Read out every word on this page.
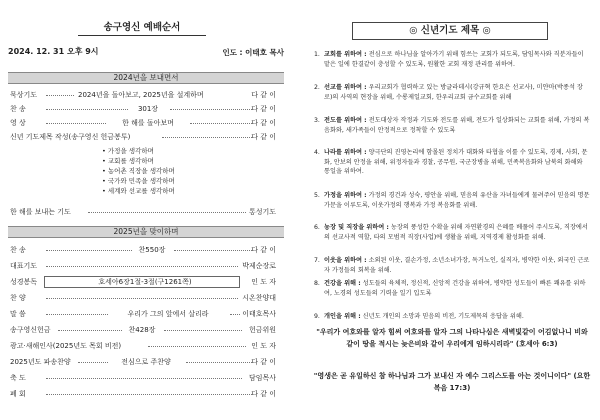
송구영신 예배순서
2024. 12. 31 오후 9시	인도 : 이태호 목사
2024년을 보내면서
묵상기도	2024년을 돌아보고, 2025년을 설계하며	다 같 이
찬 송	301장	다 같 이
영 상	한 해를 돌아보며	다 같 이
신년 기도제목 작성(송구영신 헌금봉투)	다 같 이
• 가정을 생각하며
• 교회를 생각하며
• 농어촌 직장을 생각하며
• 국가와 민족을 생각하며
• 세계와 선교를 생각하며
한 해를 보내는 기도	통성기도
2025년을 맞이하며
찬 송	찬550장	다 같 이
대표기도	박제순장로
성경봉독	호세아6장1절-3절(구1261쪽)	인 도 자
찬 양	시온찬양대
말 씀	우리가 그의 앞에서 살리라	이태호목사
송구영신헌금	찬428장	헌금위원
광고·새해인사(2025년도 목회 비전)	인 도 자
2025년도 파송찬양	전심으로 주찬양	다 같 이
축 도	담임목사
폐 회	다 같 이
◎ 신년기도 제목 ◎
1. 교회를 위하여 : 전심으로 하나님을 알아가기 위해 힘쓰는 교회가 되도록, 담임목사와 직분자들이 맡은 일에 한결같이 충성할 수 있도록, 원활한 교회 재정 관리를 위하여.
2. 선교를 위하여 : 우리교회가 협력하고 있는 방글라데시(강규혁 한요은 선교사), 미얀마(박종석 장로)의 사역의 현장을 위해, 수롱제일교회, 한우리교회 금수교회를 위해
3. 전도를 위하여 : 전도대상자 작정과 기도와 전도를 위해, 전도가 일상화되는 교회를 위해, 가정의 복음화와, 새가족들이 안정적으로 정착할 수 있도록
4. 나라를 위하여 : 양극단의 진영논리에 함몰된 정치가 대화와 타협을 이룰 수 있도록, 경제, 사회, 문화, 안보의 안정을 위해, 위정자들과 경찰, 공무원, 국군장병을 위해, 민족복음화와 남북의 화해와 통일을 위하여.
5. 가정을 위하여 : 가정의 경건과 성숙, 평안을 위해, 믿음의 유산을 자녀들에게 물려주어 믿음의 명문가문을 이루도록, 이웃가정의 행복과 가정 복음화를 위해.
6. 농장 및 직장을 위하여 : 농장의 풍성한 수확을 위해 자연환경의 은혜를 베풀어 주시도록, 직장에서의 선교사적 역할, 타의 모범적 직장(사업)에 생활을 위해, 지역경제 활성화를 위해.
7. 이웃을 위하여 : 소외된 이웃, 결손가정, 소년소녀가장, 독거노인, 실직자, 병약한 이웃, 외국인 근로자 가정들의 회복을 위해.
8. 건강을 위해 : 성도들의 육체적, 정신적, 신앙적 건강을 위하여, 병약한 성도들이 빠른 쾌유를 위하여, 노경의 성도들의 기력을 일기 입도록
9. 개인을 위해 : 신년도 개인의 소망과 믿음의 비전, 기도제목의 응답을 위해.
"우리가 여호와를 알자 힘써 여호와를 알자 그의 나타나심은 새벽빛같이 어김없나니 비와 같이 땅을 적시는 늦은비와 같이 우리에게 임하시리라" (호세아 6:3)
"영생은 곧 유일하신 참 하나님과 그가 보내신 자 예수 그리스도를 아는 것이니이다" (요한복음 17:3)
